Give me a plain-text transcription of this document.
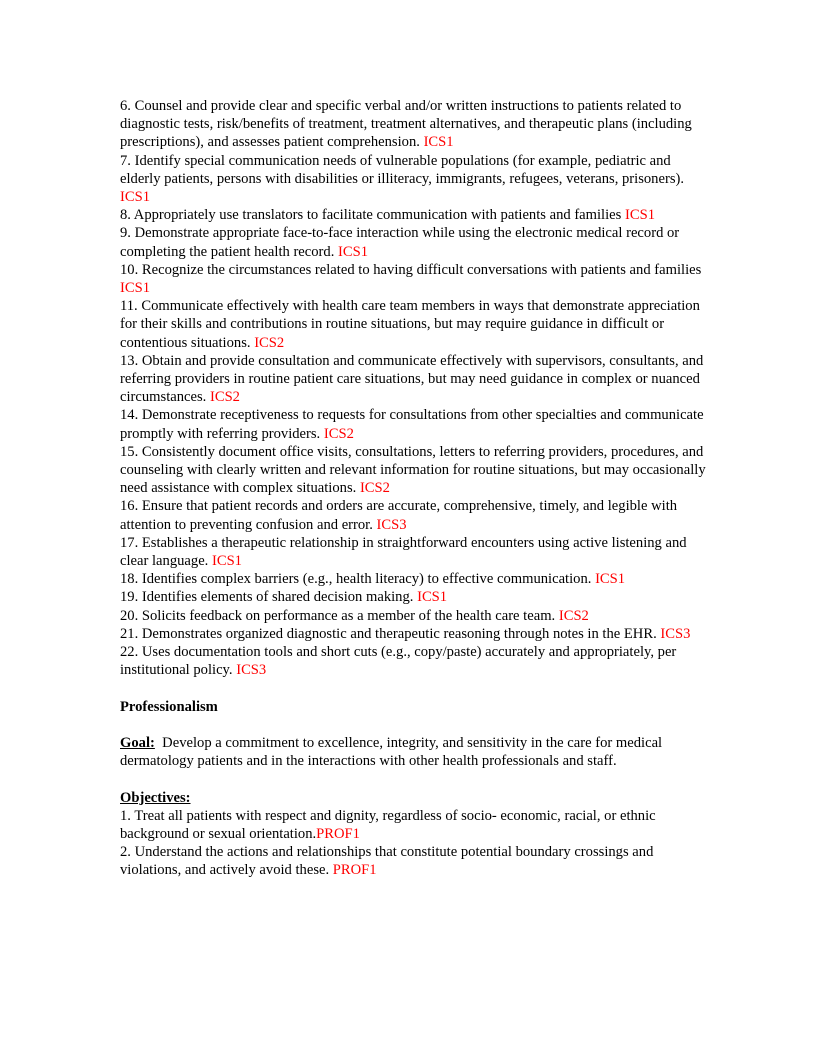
6. Counsel and provide clear and specific verbal and/or written instructions to patients related to diagnostic tests, risk/benefits of treatment, treatment alternatives, and therapeutic plans (including prescriptions), and assesses patient comprehension. ICS1

7. Identify special communication needs of vulnerable populations (for example, pediatric and elderly patients, persons with disabilities or illiteracy, immigrants, refugees, veterans, prisoners). ICS1

8. Appropriately use translators to facilitate communication with patients and families ICS1

9. Demonstrate appropriate face-to-face interaction while using the electronic medical record or completing the patient health record. ICS1

10. Recognize the circumstances related to having difficult conversations with patients and families ICS1

11. Communicate effectively with health care team members in ways that demonstrate appreciation for their skills and contributions in routine situations, but may require guidance in difficult or contentious situations. ICS2

13. Obtain and provide consultation and communicate effectively with supervisors, consultants, and referring providers in routine patient care situations, but may need guidance in complex or nuanced circumstances. ICS2

14. Demonstrate receptiveness to requests for consultations from other specialties and communicate promptly with referring providers. ICS2

15. Consistently document office visits, consultations, letters to referring providers, procedures, and counseling with clearly written and relevant information for routine situations, but may occasionally need assistance with complex situations. ICS2

16. Ensure that patient records and orders are accurate, comprehensive, timely, and legible with attention to preventing confusion and error. ICS3

17. Establishes a therapeutic relationship in straightforward encounters using active listening and clear language. ICS1

18. Identifies complex barriers (e.g., health literacy) to effective communication. ICS1

19. Identifies elements of shared decision making. ICS1

20. Solicits feedback on performance as a member of the health care team. ICS2

21. Demonstrates organized diagnostic and therapeutic reasoning through notes in the EHR. ICS3

22. Uses documentation tools and short cuts (e.g., copy/paste) accurately and appropriately, per institutional policy. ICS3

Professionalism

Goal:  Develop a commitment to excellence, integrity, and sensitivity in the care for medical dermatology patients and in the interactions with other health professionals and staff.

Objectives:

1. Treat all patients with respect and dignity, regardless of socio- economic, racial, or ethnic background or sexual orientation.PROF1

2. Understand the actions and relationships that constitute potential boundary crossings and violations, and actively avoid these. PROF1
